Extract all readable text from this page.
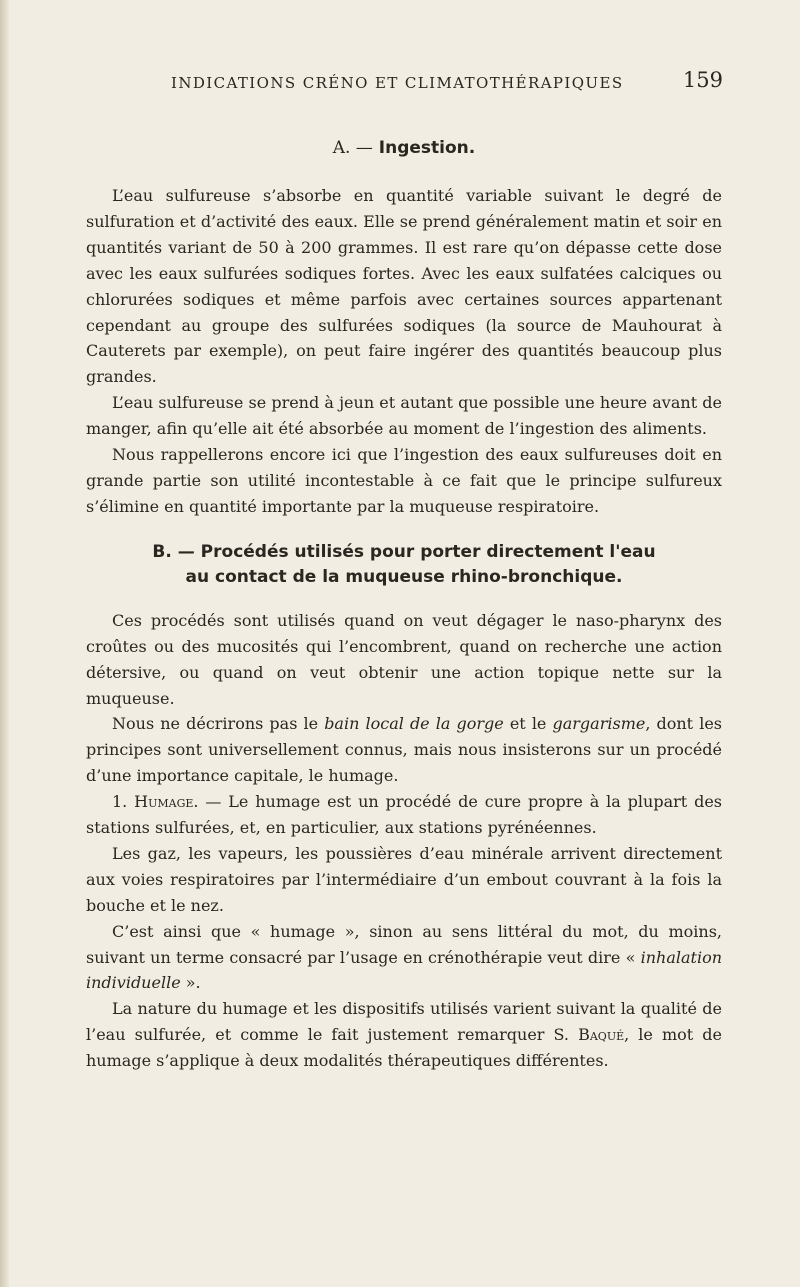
INDICATIONS CRÉNO ET CLIMATOTHÉRAPIQUES	159
A. — Ingestion.

L’eau sulfureuse s’absorbe en quantité variable suivant le degré de sulfuration et d’activité des eaux. Elle se prend généralement matin et soir en quantités variant de 50 à 200 grammes. Il est rare qu’on dépasse cette dose avec les eaux sulfurées sodiques fortes. Avec les eaux sulfatées calciques ou chlorurées sodiques et même parfois avec certaines sources appartenant cependant au groupe des sulfurées sodiques (la source de Mauhourat à Cauterets par exemple), on peut faire ingérer des quantités beaucoup plus grandes.

L’eau sulfureuse se prend à jeun et autant que possible une heure avant de manger, afin qu’elle ait été absorbée au moment de l’ingestion des aliments.

Nous rappellerons encore ici que l’ingestion des eaux sulfureuses doit en grande partie son utilité incontestable à ce fait que le principe sulfureux s’élimine en quantité importante par la muqueuse respiratoire.

B. — Procédés utilisés pour porter directement l'eau
au contact de la muqueuse rhino-bronchique.

Ces procédés sont utilisés quand on veut dégager le naso-pharynx des croûtes ou des mucosités qui l’encombrent, quand on recherche une action détersive, ou quand on veut obtenir une action topique nette sur la muqueuse.

Nous ne décrirons pas le bain local de la gorge et le gargarisme, dont les principes sont universellement connus, mais nous insisterons sur un procédé d’une importance capitale, le humage.

1. Humage. — Le humage est un procédé de cure propre à la plupart des stations sulfurées, et, en particulier, aux stations pyrénéennes.

Les gaz, les vapeurs, les poussières d’eau minérale arrivent directement aux voies respiratoires par l’intermédiaire d’un embout couvrant à la fois la bouche et le nez.

C’est ainsi que « humage », sinon au sens littéral du mot, du moins, suivant un terme consacré par l’usage en crénothérapie veut dire « inhalation individuelle ».

La nature du humage et les dispositifs utilisés varient suivant la qualité de l’eau sulfurée, et comme le fait justement remarquer S. Baqué, le mot de humage s’applique à deux modalités thérapeutiques différentes.
